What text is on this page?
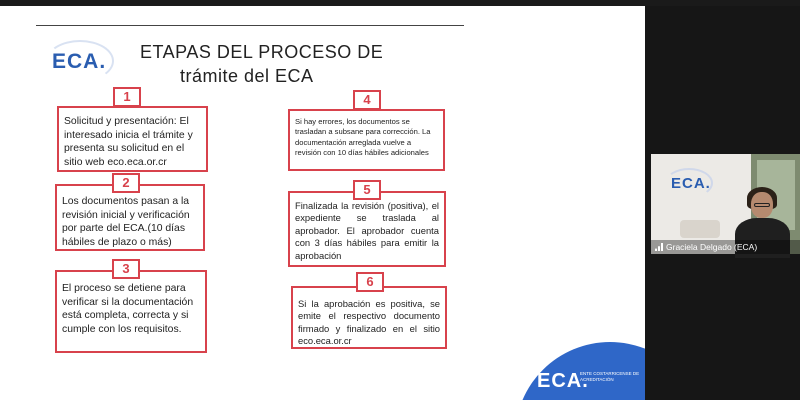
ECA. ETAPAS DEL PROCESO DE
trámite del ECA
Solicitud y presentación: El interesado inicia el trámite y presenta su solicitud en el sitio web eco.eca.or.cr
1
Los documentos pasan a la revisión inicial y verificación por parte del ECA.(10 días hábiles de plazo o más)
2
El proceso se detiene para verificar si la documentación está completa, correcta y si cumple con los requisitos.
3
Si hay errores, los documentos se trasladan a subsane para corrección. La documentación arreglada vuelve a revisión con 10 días hábiles adicionales
4
Finalizada la revisión (positiva), el expediente se traslada al aprobador. El aprobador cuenta con 3 días hábiles para emitir la aprobación
5
Si la aprobación es positiva, se emite el respectivo documento firmado y finalizado en el sitio eco.eca.or.cr
6
ECA.
ENTE COSTARRICENSE DE ACREDITACIÓN
ECA.
Graciela Delgado (ECA)
